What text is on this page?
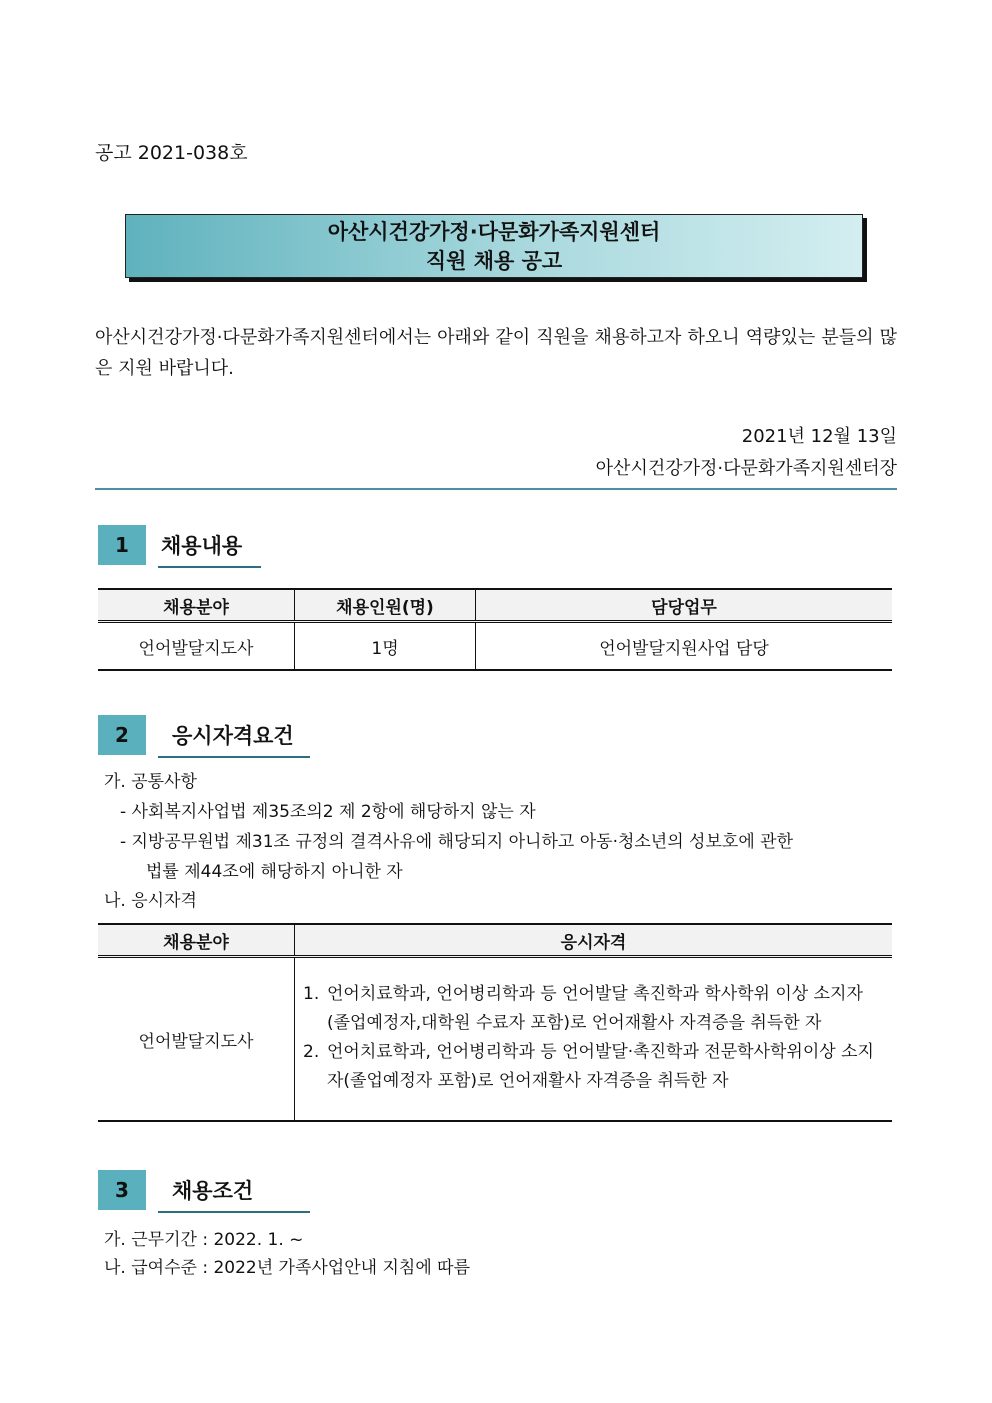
공고 2021-038호
아산시건강가정·다문화가족지원센터
직원 채용 공고
아산시건강가정·다문화가족지원센터에서는 아래와 같이 직원을 채용하고자 하오니 역량있는 분들의 많은 지원 바랍니다.
2021년 12월 13일
아산시건강가정·다문화가족지원센터장
1	채용내용
채용분야	채용인원(명)	담당업무
언어발달지도사	1명	언어발달지원사업 담당
2	응시자격요건
가. 공통사항
- 사회복지사업법 제35조의2 제 2항에 해당하지 않는 자
- 지방공무원법 제31조 규정의 결격사유에 해당되지 아니하고 아동·청소년의 성보호에 관한
법률 제44조에 해당하지 아니한 자
나. 응시자격
채용분야	응시자격
언어발달지도사	1. 언어치료학과, 언어병리학과 등 언어발달 촉진학과 학사학위 이상 소지자(졸업예정자,대학원 수료자 포함)로 언어재활사 자격증을 취득한 자
2. 언어치료학과, 언어병리학과 등 언어발달·촉진학과 전문학사학위이상 소지자(졸업예정자 포함)로 언어재활사 자격증을 취득한 자
3	채용조건
가. 근무기간 : 2022. 1. ~
나. 급여수준 : 2022년 가족사업안내 지침에 따름
